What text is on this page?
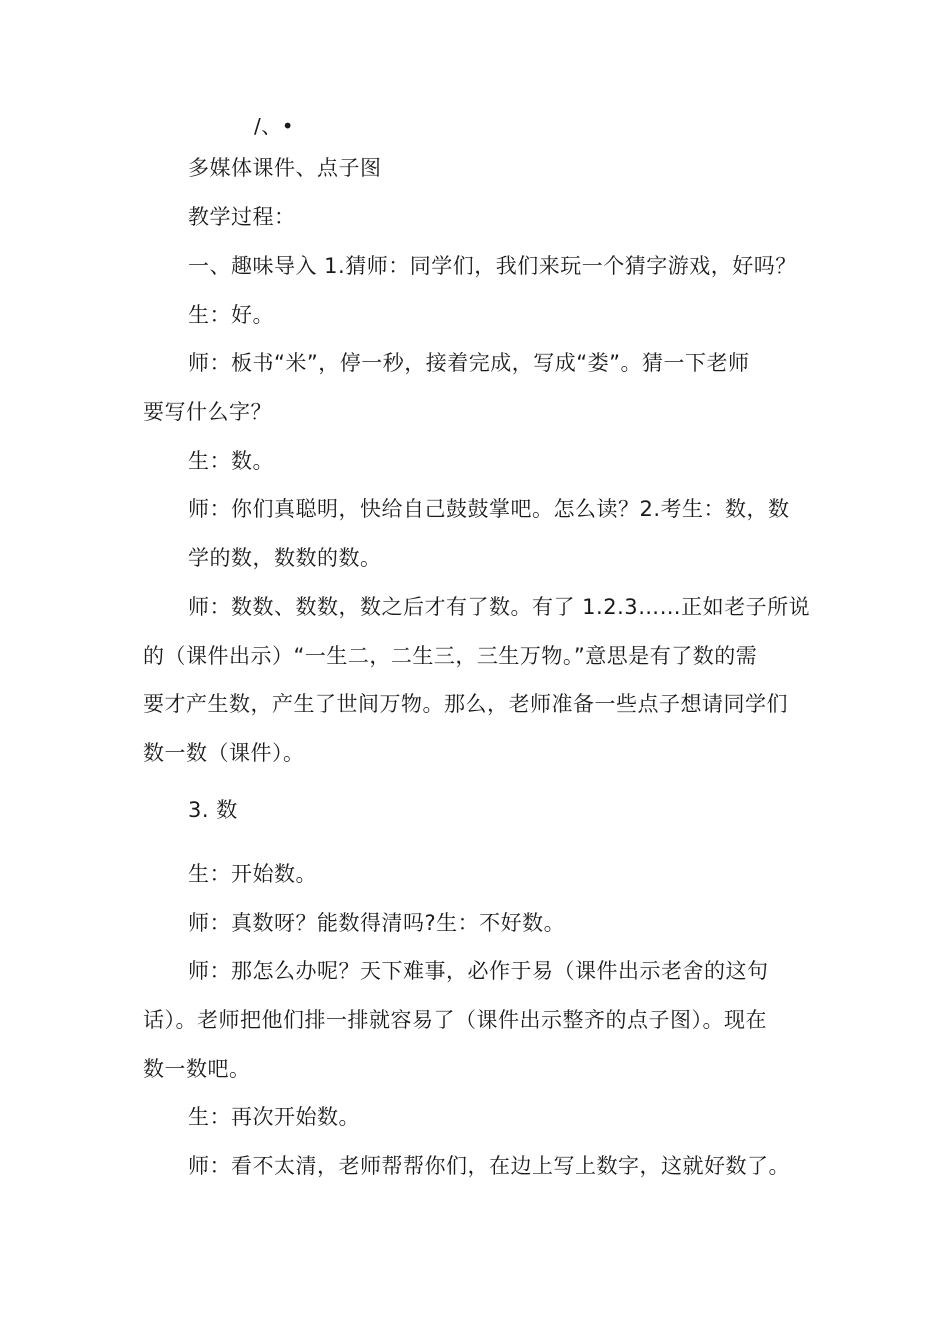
/、•
多媒体课件、点子图
教学过程：
一、趣味导入 1.猜师：同学们，我们来玩一个猜字游戏，好吗？
生：好。
师：板书“米”，停一秒，接着完成，写成“娄”。猜一下老师
要写什么字？
生：数。
师：你们真聪明，快给自己鼓鼓掌吧。怎么读？2.考生：数，数
学的数，数数的数。
师：数数、数数，数之后才有了数。有了 1.2.3……正如老子所说
的（课件出示）“一生二，二生三，三生万物。”意思是有了数的需
要才产生数，产生了世间万物。那么，老师准备一些点子想请同学们
数一数（课件）。
3. 数
生：开始数。
师：真数呀？能数得清吗?生：不好数。
师：那怎么办呢？天下难事，必作于易（课件出示老舍的这句
话）。老师把他们排一排就容易了（课件出示整齐的点子图）。现在
数一数吧。
生：再次开始数。
师：看不太清，老师帮帮你们，在边上写上数字，这就好数了。
